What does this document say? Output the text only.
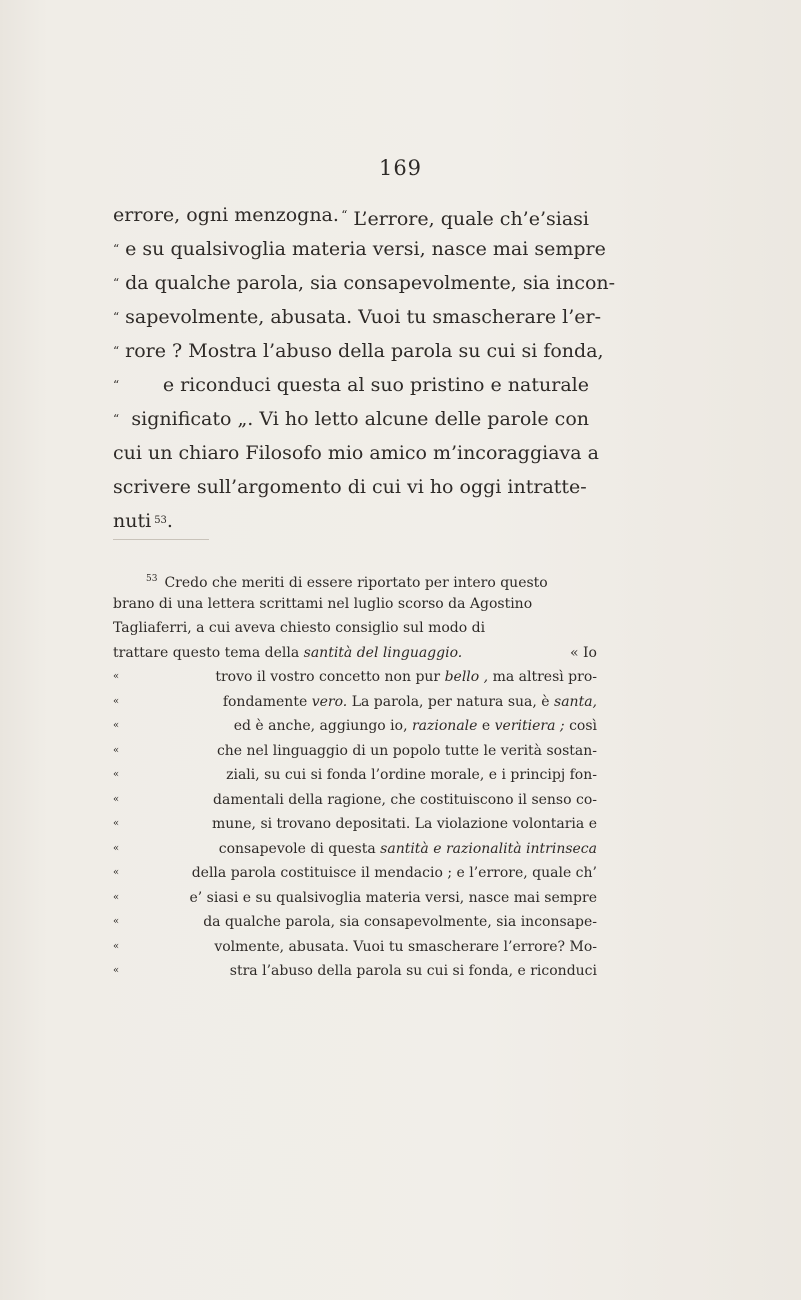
169
errore, ogni menzogna. “ L’errore, quale ch’e’siasi
“ e su qualsivoglia materia versi, nasce mai sempre
“ da qualche parola, sia consapevolmente, sia incon-
“ sapevolmente, abusata. Vuoi tu smascherare l’er-
“ rore ? Mostra l’abuso della parola su cui si fonda,
“ e riconduci questa al suo pristino e naturale
“ significato „. Vi ho letto alcune delle parole con
cui un chiaro Filosofo mio amico m’incoraggiava a
scrivere sull’argomento di cui vi ho oggi intratte-
nuti 53 .
$^{53}$ Credo che meriti di essere riportato per intero questo
brano di una lettera scrittami nel luglio scorso da Agostino
Tagliaferri, a cui aveva chiesto consiglio sul modo di
trattare questo tema della santità del linguaggio.	« Io
«	trovo il vostro concetto non pur bello , ma altresì pro-
«	fondamente vero. La parola, per natura sua, è santa,
«	ed è anche, aggiungo io, razionale e veritiera ; così
«	che nel linguaggio di un popolo tutte le verità sostan-
«	ziali, su cui si fonda l’ordine morale, e i principj fon-
«	damentali della ragione, che costituiscono il senso co-
«	mune, si trovano depositati. La violazione volontaria e
«	consapevole di questa santità e razionalità intrinseca
«	della parola costituisce il mendacio ; e l’errore, quale ch’
«	e’ siasi e su qualsivoglia materia versi, nasce mai sempre
«	da qualche parola, sia consapevolmente, sia inconsape-
«	volmente, abusata. Vuoi tu smascherare l’errore? Mo-
«	stra l’abuso della parola su cui si fonda, e riconduci
